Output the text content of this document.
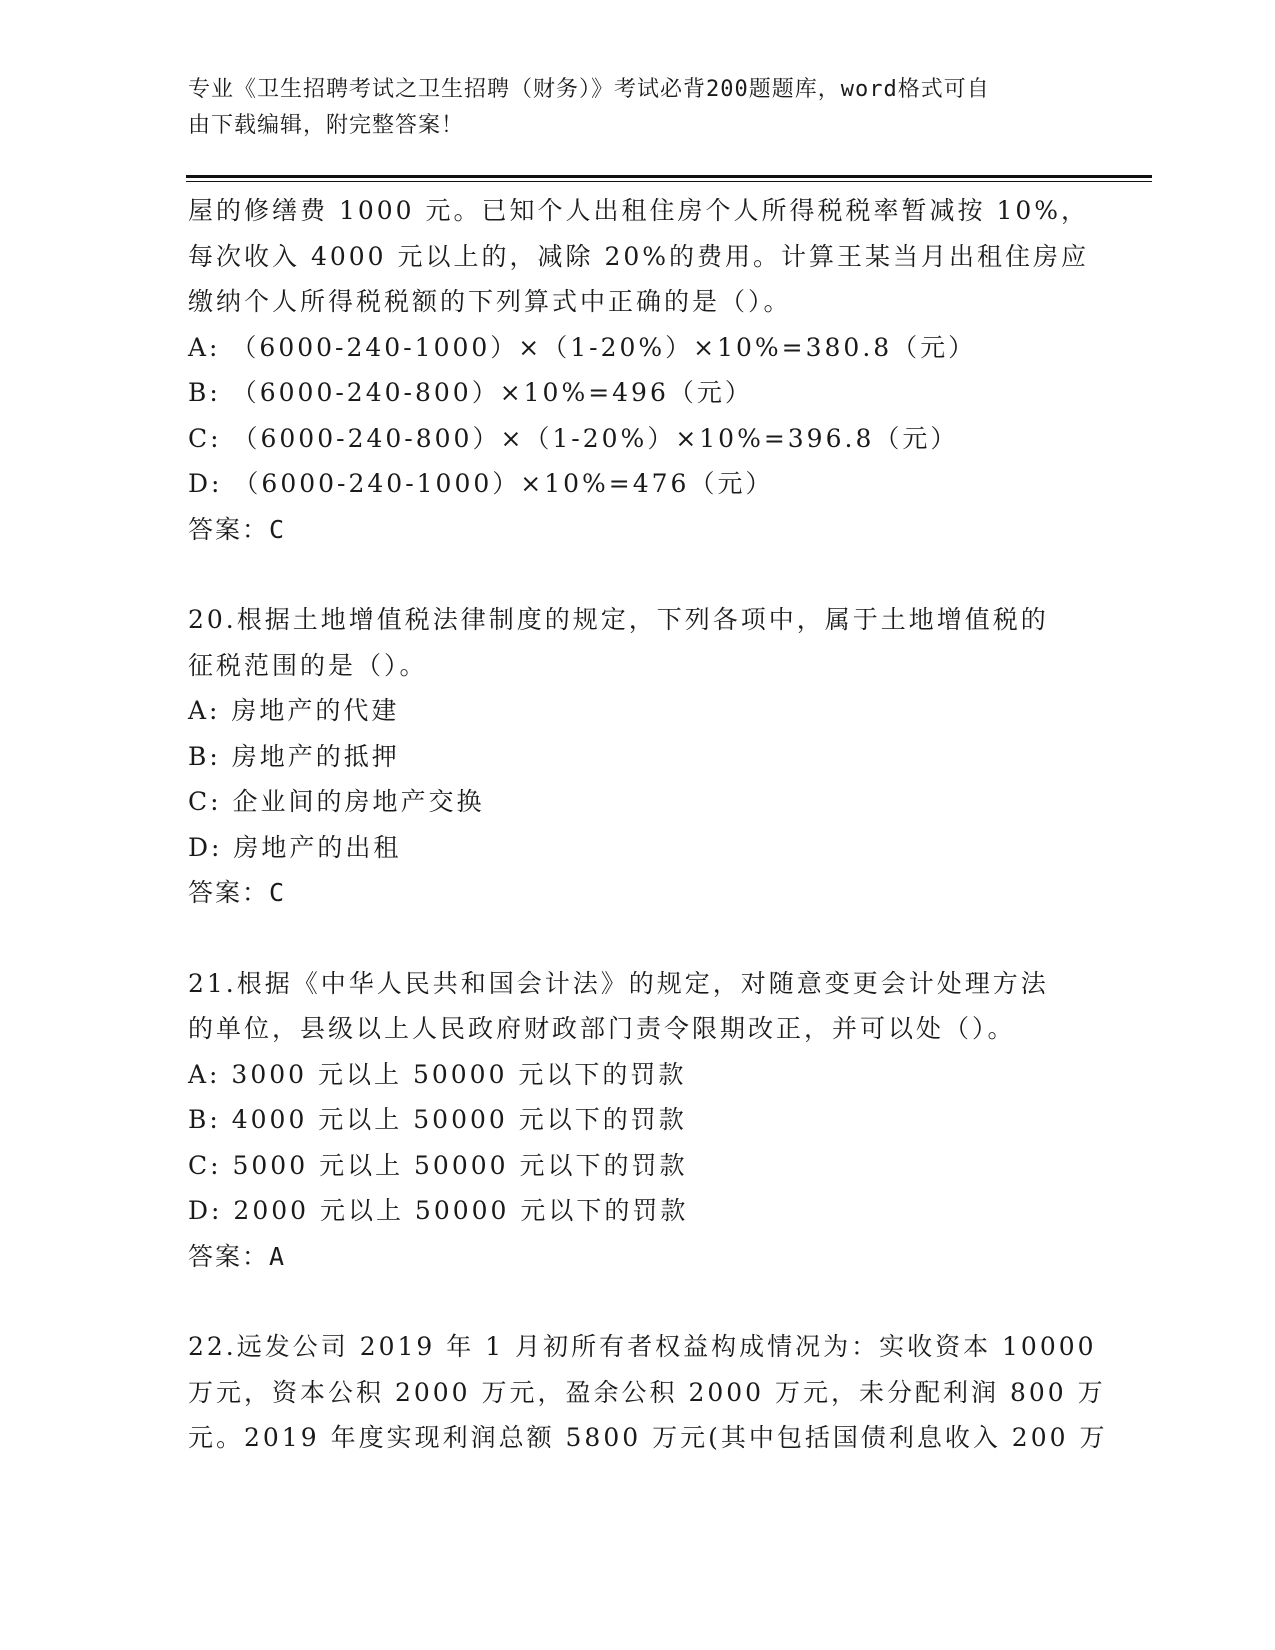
专业《卫生招聘考试之卫生招聘（财务）》考试必背200题题库，word格式可自
由下载编辑，附完整答案！
屋的修缮费 1000 元。已知个人出租住房个人所得税税率暂减按 10%，
每次收入 4000 元以上的，减除 20%的费用。计算王某当月出租住房应
缴纳个人所得税税额的下列算式中正确的是（）。
A: （6000-240-1000）×（1-20%）×10%=380.8（元）
B: （6000-240-800）×10%=496（元）
C: （6000-240-800）×（1-20%）×10%=396.8（元）
D: （6000-240-1000）×10%=476（元）
答案：C
20.根据土地增值税法律制度的规定，下列各项中，属于土地增值税的
征税范围的是（）。
A: 房地产的代建
B: 房地产的抵押
C: 企业间的房地产交换
D: 房地产的出租
答案：C
21.根据《中华人民共和国会计法》的规定，对随意变更会计处理方法
的单位，县级以上人民政府财政部门责令限期改正，并可以处（）。
A: 3000 元以上 50000 元以下的罚款
B: 4000 元以上 50000 元以下的罚款
C: 5000 元以上 50000 元以下的罚款
D: 2000 元以上 50000 元以下的罚款
答案：A
22.远发公司 2019 年 1 月初所有者权益构成情况为：实收资本 10000
万元，资本公积 2000 万元，盈余公积 2000 万元，未分配利润 800 万
元。2019 年度实现利润总额 5800 万元(其中包括国债利息收入 200 万
